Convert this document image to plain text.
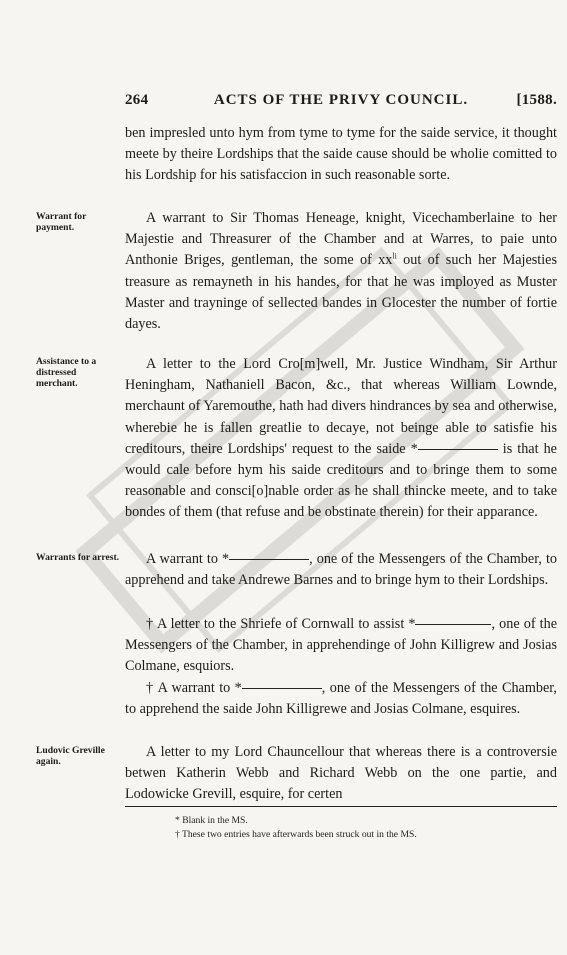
264	ACTS OF THE PRIVY COUNCIL.	[1588.

ben impresled unto hym from tyme to tyme for the saide service, it thought meete by theire Lordships that the saide cause should be wholie comitted to his Lordship for his satisfaccion in such reasonable sorte.

Warrant for payment.

A warrant to Sir Thomas Heneage, knight, Vicechamberlaine to her Majestie and Threasurer of the Chamber and at Warres, to paie unto Anthonie Briges, gentleman, the some of $xx^{li}$ out of such her Majesties treasure as remayneth in his handes, for that he was imployed as Muster Master and trayninge of sellected bandes in Glocester the number of fortie dayes.

Assistance to a distressed merchant.

A letter to the Lord Cro[m]well, Mr. Justice Windham, Sir Arthur Heningham, Nathaniell Bacon, &c., that whereas William Lownde, merchaunt of Yaremouthe, hath had divers hindrances by sea and otherwise, wherebie he is fallen greatlie to decaye, not beinge able to satisfie his creditours, theire Lordships' request to the saide *	is that he would cale before hym his saide creditours and to bringe them to some reasonable and consci[o]nable order as he shall thincke meete, and to take bondes of them (that refuse and be obstinate therein) for their apparance.

Warrants for arrest.	A warrant to *	, one of the Messengers of the Chamber, to apprehend and take Andrewe Barnes and to bringe hym to their Lordships.

† A letter to the Shriefe of Cornwall to assist *	, one of the Messengers of the Chamber, in apprehendinge of John Killigrew and Josias Colmane, esquiors.

† A warrant to *	, one of the Messengers of the Chamber, to apprehend the saide John Killigrewe and Josias Colmane, esquires.

Ludovic Greville again.

A letter to my Lord Chauncellour that whereas there is a controversie betwen Katherin Webb and Richard Webb on the one partie, and Lodowicke Grevill, esquire, for certen

* Blank in the MS.
† These two entries have afterwards been struck out in the MS.
